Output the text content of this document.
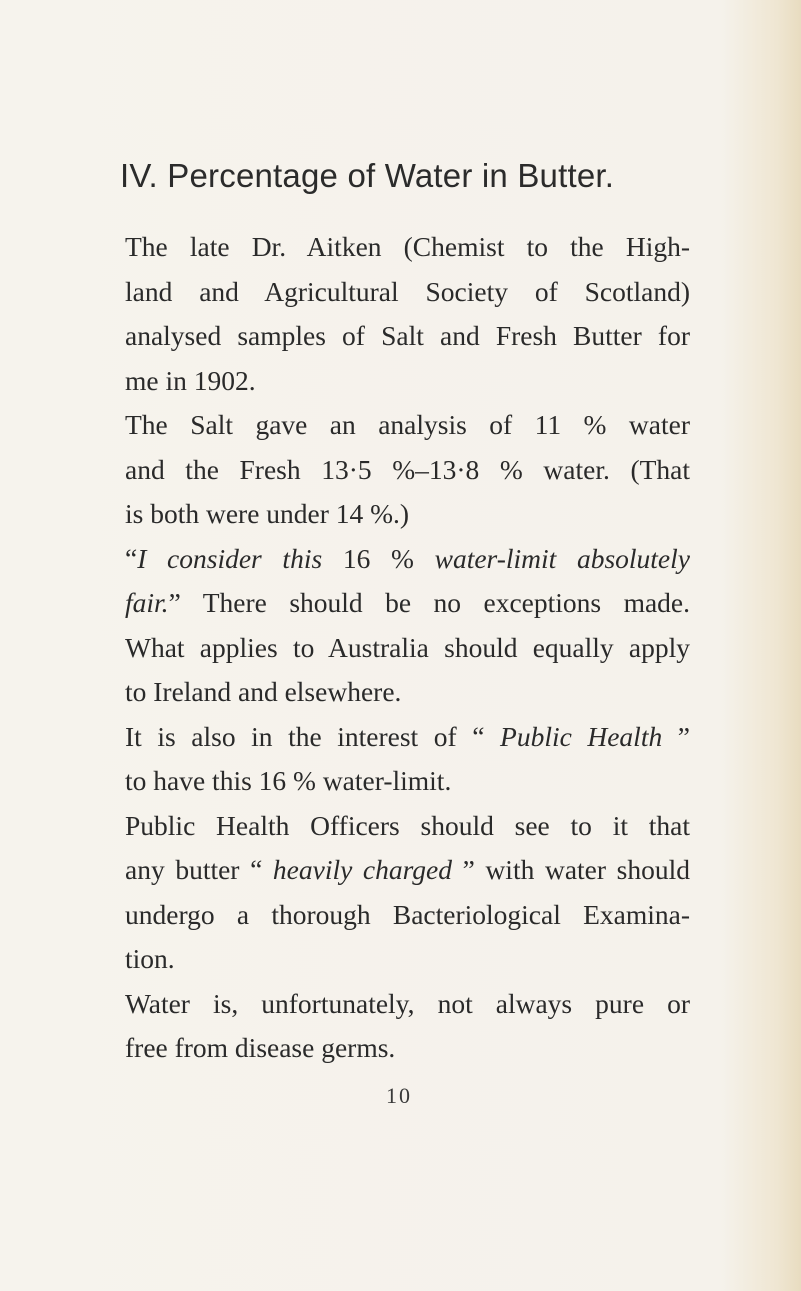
IV. Percentage of Water in Butter.
The late Dr. Aitken (Chemist to the High-
land and Agricultural Society of Scotland)
analysed samples of Salt and Fresh Butter for
me in 1902.
The Salt gave an analysis of 11 % water
and the Fresh 13·5 %–13·8 % water. (That
is both were under 14 %.)
“I consider this 16 % water-limit absolutely
fair.” There should be no exceptions made.
What applies to Australia should equally apply
to Ireland and elsewhere.
It is also in the interest of “ Public Health ”
to have this 16 % water-limit.
Public Health Officers should see to it that
any butter “ heavily charged ” with water should
undergo a thorough Bacteriological Examina-
tion.
Water is, unfortunately, not always pure or
free from disease germs.
10
